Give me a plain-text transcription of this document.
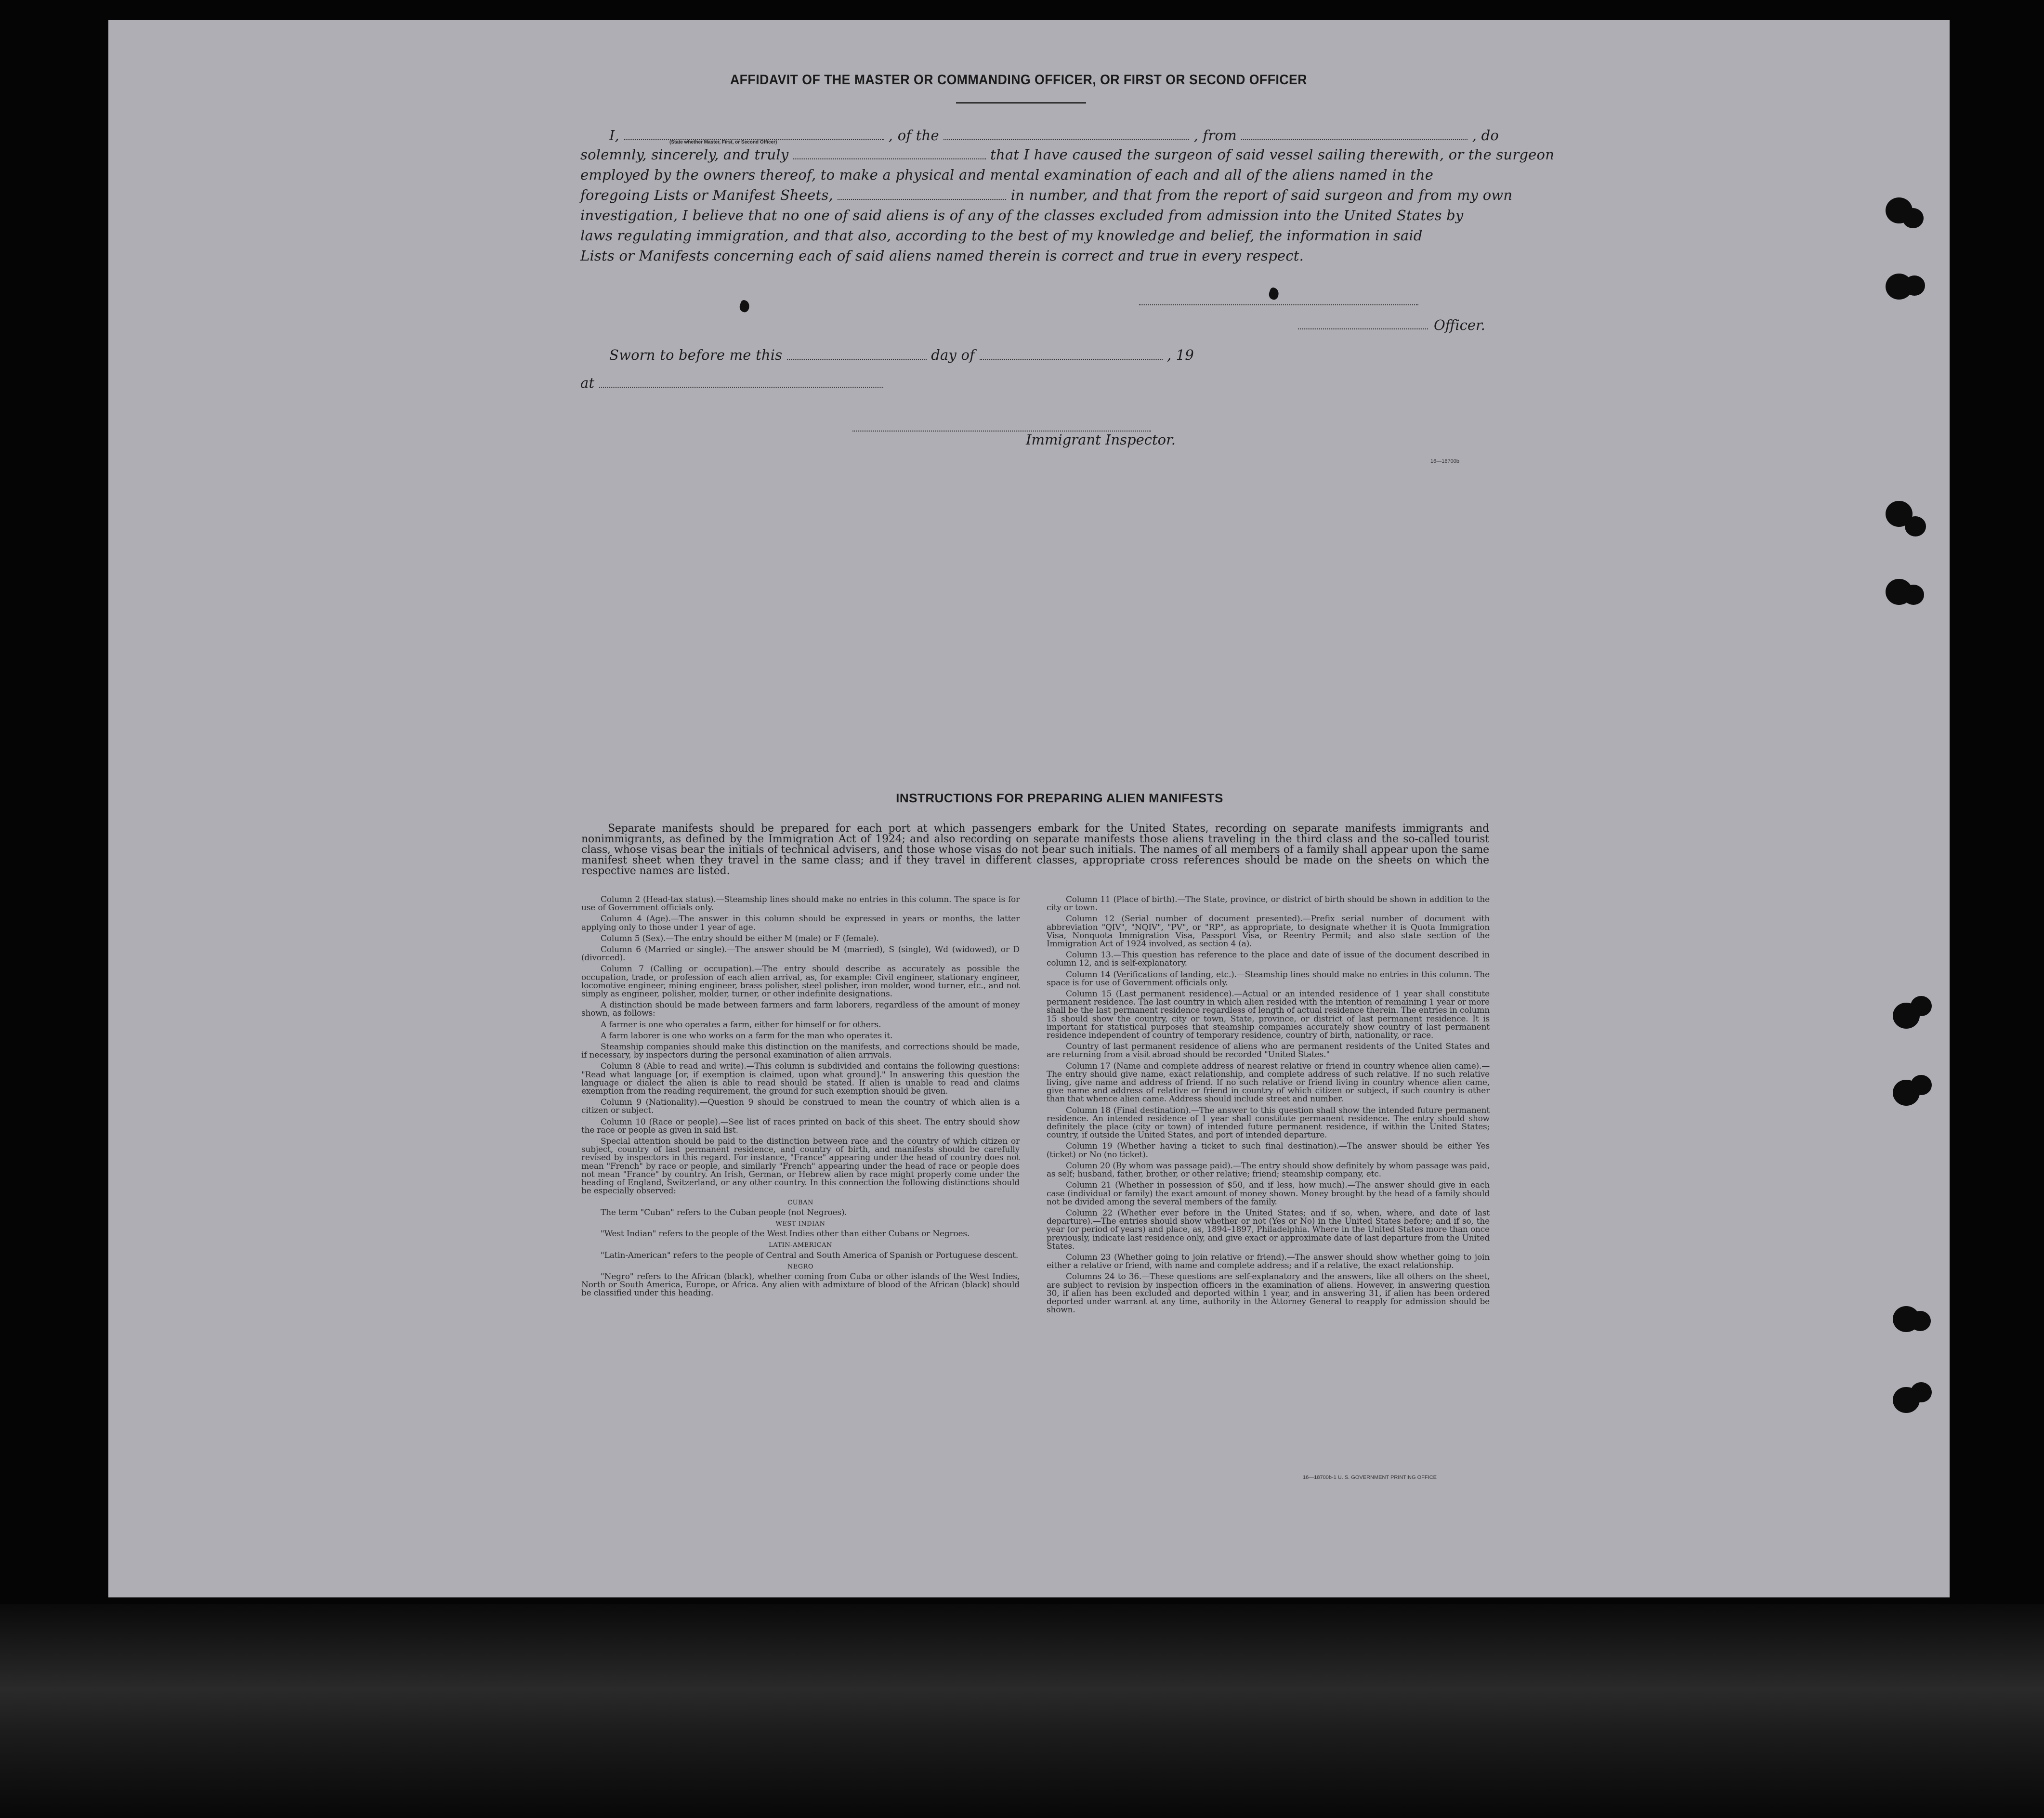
AFFIDAVIT OF THE MASTER OR COMMANDING OFFICER, OR FIRST OR SECOND OFFICER
I,	, of the	, from	, do
(State whether Master, First, or Second Officer)
solemnly, sincerely, and truly	that I have caused the surgeon of said vessel sailing therewith, or the surgeon
employed by the owners thereof, to make a physical and mental examination of each and all of the aliens named in the
foregoing Lists or Manifest Sheets,	in number, and that from the report of said surgeon and from my own
investigation, I believe that no one of said aliens is of any of the classes excluded from admission into the United States by
laws regulating immigration, and that also, according to the best of my knowledge and belief, the information in said
Lists or Manifests concerning each of said aliens named therein is correct and true in every respect.
Officer.
Sworn to before me this	day of	, 19
at
Immigrant Inspector.
16—18700b
INSTRUCTIONS FOR PREPARING ALIEN MANIFESTS
Separate manifests should be prepared for each port at which passengers embark for the United States, recording on separate manifests immigrants and nonimmigrants, as defined by the Immigration Act of 1924; and also recording on separate manifests those aliens traveling in the third class and the so-called tourist class, whose visas bear the initials of technical advisers, and those whose visas do not bear such initials. The names of all members of a family shall appear upon the same manifest sheet when they travel in the same class; and if they travel in different classes, appropriate cross references should be made on the sheets on which the respective names are listed.

Column 2 (Head-tax status).—Steamship lines should make no entries in this column. The space is for use of Government officials only.

Column 4 (Age).—The answer in this column should be expressed in years or months, the latter applying only to those under 1 year of age.

Column 5 (Sex).—The entry should be either M (male) or F (female).

Column 6 (Married or single).—The answer should be M (married), S (single), Wd (widowed), or D (divorced).

Column 7 (Calling or occupation).—The entry should describe as accurately as possible the occupation, trade, or profession of each alien arrival, as, for example: Civil engineer, stationary engineer, locomotive engineer, mining engineer, brass polisher, steel polisher, iron molder, wood turner, etc., and not simply as engineer, polisher, molder, turner, or other indefinite designations.

A distinction should be made between farmers and farm laborers, regardless of the amount of money shown, as follows:

A farmer is one who operates a farm, either for himself or for others.

A farm laborer is one who works on a farm for the man who operates it.

Steamship companies should make this distinction on the manifests, and corrections should be made, if necessary, by inspectors during the personal examination of alien arrivals.

Column 8 (Able to read and write).—This column is subdivided and contains the following questions: "Read what language [or, if exemption is claimed, upon what ground]." In answering this question the language or dialect the alien is able to read should be stated. If alien is unable to read and claims exemption from the reading requirement, the ground for such exemption should be given.

Column 9 (Nationality).—Question 9 should be construed to mean the country of which alien is a citizen or subject.

Column 10 (Race or people).—See list of races printed on back of this sheet. The entry should show the race or people as given in said list.

Special attention should be paid to the distinction between race and the country of which citizen or subject, country of last permanent residence, and country of birth, and manifests should be carefully revised by inspectors in this regard. For instance, "France" appearing under the head of country does not mean "French" by race or people, and similarly "French" appearing under the head of race or people does not mean "France" by country. An Irish, German, or Hebrew alien by race might properly come under the heading of England, Switzerland, or any other country. In this connection the following distinctions should be especially observed:

CUBAN

The term "Cuban" refers to the Cuban people (not Negroes).

WEST INDIAN

"West Indian" refers to the people of the West Indies other than either Cubans or Negroes.

LATIN-AMERICAN

"Latin-American" refers to the people of Central and South America of Spanish or Portuguese descent.

NEGRO

"Negro" refers to the African (black), whether coming from Cuba or other islands of the West Indies, North or South America, Europe, or Africa. Any alien with admixture of blood of the African (black) should be classified under this heading.

Column 11 (Place of birth).—The State, province, or district of birth should be shown in addition to the city or town.

Column 12 (Serial number of document presented).—Prefix serial number of document with abbreviation "QIV", "NQIV", "PV", or "RP", as appropriate, to designate whether it is Quota Immigration Visa, Nonquota Immigration Visa, Passport Visa, or Reentry Permit; and also state section of the Immigration Act of 1924 involved, as section 4 (a).

Column 13.—This question has reference to the place and date of issue of the document described in column 12, and is self-explanatory.

Column 14 (Verifications of landing, etc.).—Steamship lines should make no entries in this column. The space is for use of Government officials only.

Column 15 (Last permanent residence).—Actual or an intended residence of 1 year shall constitute permanent residence. The last country in which alien resided with the intention of remaining 1 year or more shall be the last permanent residence regardless of length of actual residence therein. The entries in column 15 should show the country, city or town, State, province, or district of last permanent residence. It is important for statistical purposes that steamship companies accurately show country of last permanent residence independent of country of temporary residence, country of birth, nationality, or race.

Country of last permanent residence of aliens who are permanent residents of the United States and are returning from a visit abroad should be recorded "United States."

Column 17 (Name and complete address of nearest relative or friend in country whence alien came).—The entry should give name, exact relationship, and complete address of such relative. If no such relative living, give name and address of friend. If no such relative or friend living in country whence alien came, give name and address of relative or friend in country of which citizen or subject, if such country is other than that whence alien came. Address should include street and number.

Column 18 (Final destination).—The answer to this question shall show the intended future permanent residence. An intended residence of 1 year shall constitute permanent residence. The entry should show definitely the place (city or town) of intended future permanent residence, if within the United States; country, if outside the United States, and port of intended departure.

Column 19 (Whether having a ticket to such final destination).—The answer should be either Yes (ticket) or No (no ticket).

Column 20 (By whom was passage paid).—The entry should show definitely by whom passage was paid, as self; husband, father, brother, or other relative; friend; steamship company, etc.

Column 21 (Whether in possession of $50, and if less, how much).—The answer should give in each case (individual or family) the exact amount of money shown. Money brought by the head of a family should not be divided among the several members of the family.

Column 22 (Whether ever before in the United States; and if so, when, where, and date of last departure).—The entries should show whether or not (Yes or No) in the United States before; and if so, the year (or period of years) and place, as, 1894–1897, Philadelphia. Where in the United States more than once previously, indicate last residence only, and give exact or approximate date of last departure from the United States.

Column 23 (Whether going to join relative or friend).—The answer should show whether going to join either a relative or friend, with name and complete address; and if a relative, the exact relationship.

Columns 24 to 36.—These questions are self-explanatory and the answers, like all others on the sheet, are subject to revision by inspection officers in the examination of aliens. However, in answering question 30, if alien has been excluded and deported within 1 year, and in answering 31, if alien has been ordered deported under warrant at any time, authority in the Attorney General to reapply for admission should be shown.

16—18700b-1 U. S. GOVERNMENT PRINTING OFFICE
